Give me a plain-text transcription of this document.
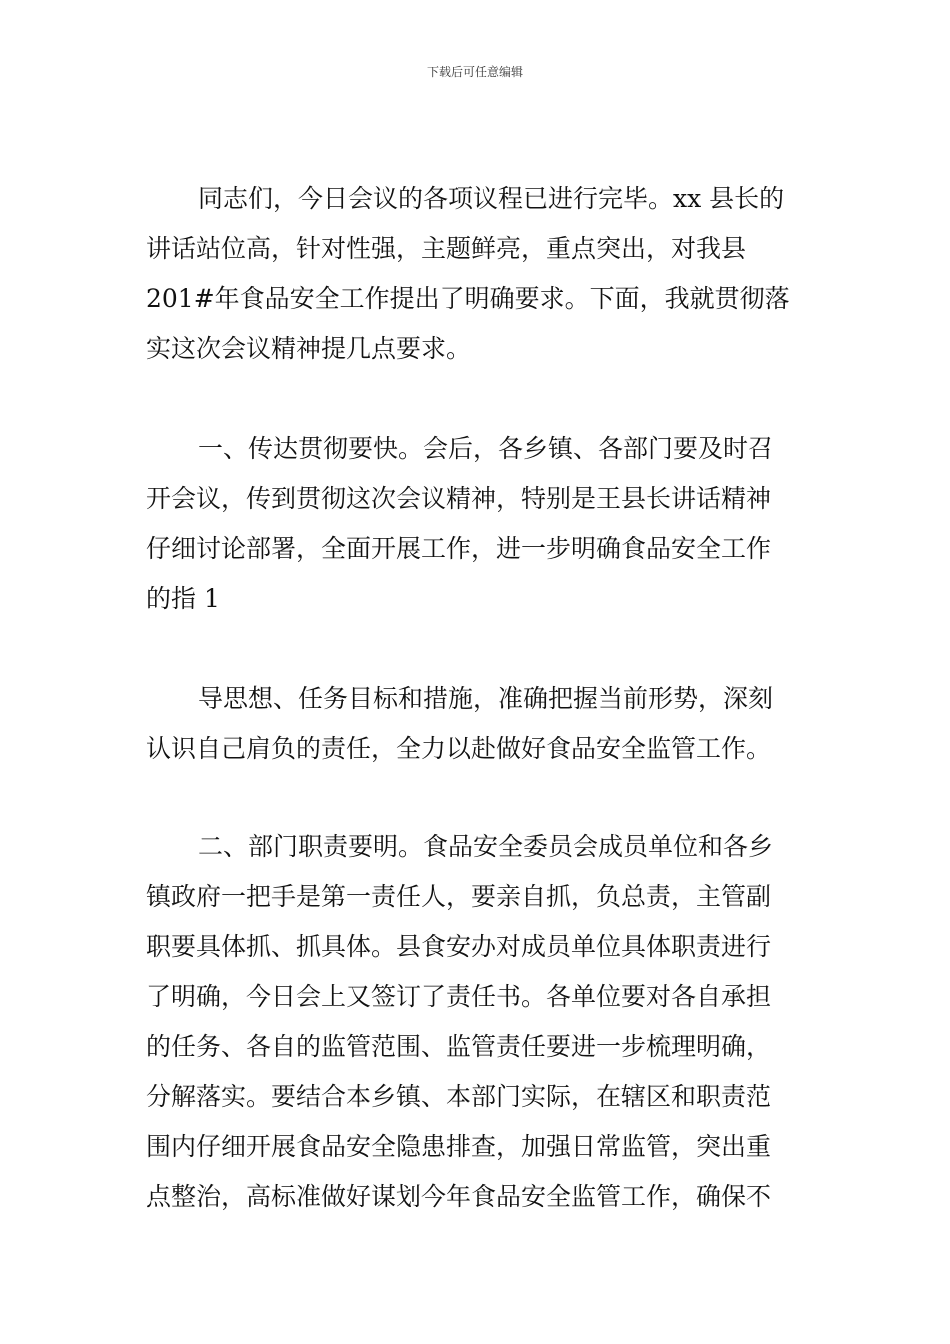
下载后可任意编辑
同志们，今日会议的各项议程已进行完毕。xx 县长的
讲话站位高，针对性强，主题鲜亮，重点突出，对我县
201#年食品安全工作提出了明确要求。下面，我就贯彻落
实这次会议精神提几点要求。
一、传达贯彻要快。会后，各乡镇、各部门要及时召
开会议，传到贯彻这次会议精神，特别是王县长讲话精神
仔细讨论部署，全面开展工作，进一步明确食品安全工作
的指 1
导思想、任务目标和措施，准确把握当前形势，深刻
认识自己肩负的责任，全力以赴做好食品安全监管工作。
二、部门职责要明。食品安全委员会成员单位和各乡
镇政府一把手是第一责任人，要亲自抓，负总责，主管副
职要具体抓、抓具体。县食安办对成员单位具体职责进行
了明确，今日会上又签订了责任书。各单位要对各自承担
的任务、各自的监管范围、监管责任要进一步梳理明确，
分解落实。要结合本乡镇、本部门实际，在辖区和职责范
围内仔细开展食品安全隐患排查，加强日常监管，突出重
点整治，高标准做好谋划今年食品安全监管工作，确保不
